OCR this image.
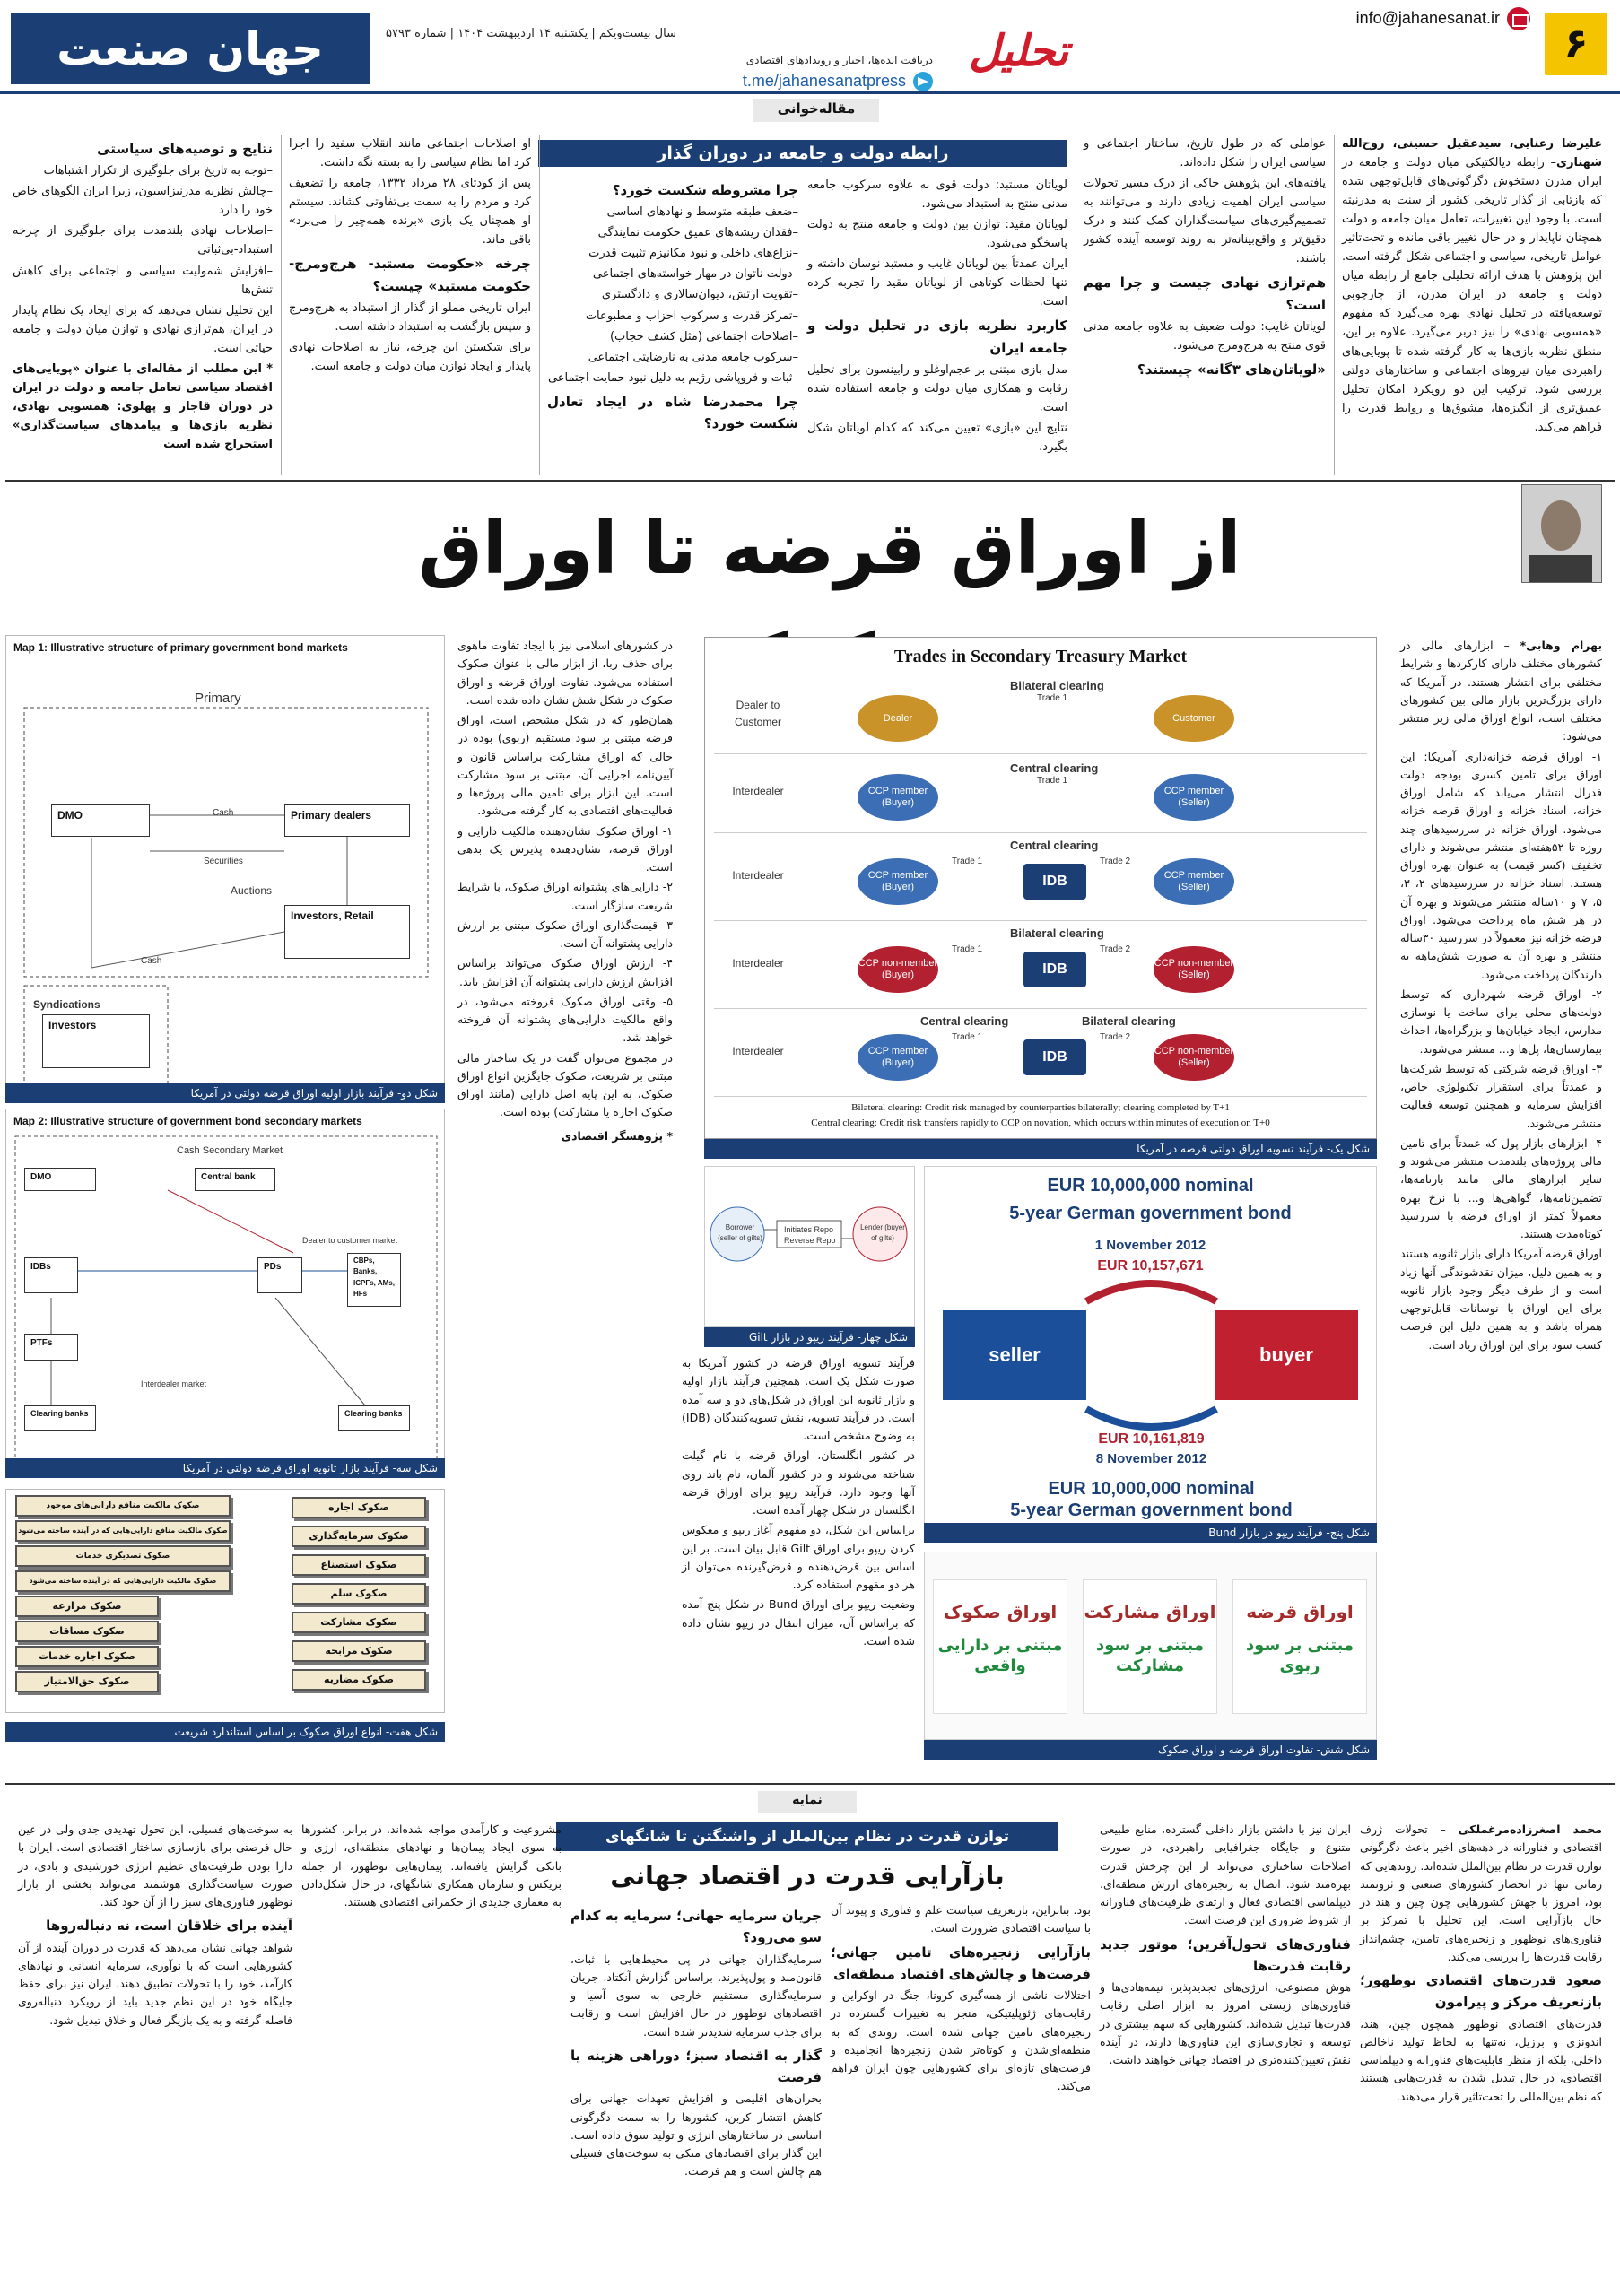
۶
info@jahanesanat.ir
تحلیل
دریافت ایده‌ها، اخبار و رویدادهای اقتصادی
t.me/jahanesanatpress
جهان صنعت	سال بیست‌ویکم | یکشنبه ۱۴ اردیبهشت ۱۴۰۴ | شماره ۵۷۹۳
مقاله‌خوانی

علیرضا رعنایی، سیدعقیل حسینی، روح‌الله شهنازی– رابطه دیالکتیکی میان دولت و جامعه در ایران مدرن دستخوش دگرگونی‌های قابل‌توجهی شده که بازتابی از گذار تاریخی کشور از سنت به مدرنیته است. با وجود این تغییرات، تعامل میان جامعه و دولت همچنان ناپایدار و در حال تغییر باقی مانده و تحت‌تاثیر عوامل تاریخی، سیاسی و اجتماعی شکل گرفته است. این پژوهش با هدف ارائه تحلیلی جامع از رابطه میان دولت و جامعه در ایران مدرن، از چارچوبی توسعه‌یافته در تحلیل نهادی بهره می‌گیرد که مفهوم «همسویی نهادی» را نیز دربر می‌گیرد. علاوه بر این، منطق نظریه بازی‌ها به کار گرفته شده تا پویایی‌های راهبردی میان نیروهای اجتماعی و ساختارهای دولتی بررسی شود. ترکیب این دو رویکرد امکان تحلیل عمیق‌تری از انگیزه‌ها، مشوق‌ها و روابط قدرت را فراهم می‌کند.

عواملی که در طول تاریخ، ساختار اجتماعی و سیاسی ایران را شکل داده‌اند.

یافته‌های این پژوهش حاکی از درک مسیر تحولات سیاسی ایران اهمیت زیادی دارند و می‌توانند به تصمیم‌گیری‌های سیاست‌گذاران کمک کنند و درک دقیق‌تر و واقع‌بینانه‌تر به روند توسعه آینده کشور باشند.

هم‌ترازی نهادی چیست و چرا مهم است؟

لویاتان غایب: دولت ضعیف به علاوه جامعه مدنی قوی منتج به هرج‌ومرج می‌شود.

«لویاتان‌های ۳گانه» چیستند؟

رابطه دولت و جامعه در دوران گذار

لویاتان مستبد: دولت قوی به علاوه سرکوب جامعه مدنی منتج به استبداد می‌شود.

لویاتان مقید: توازن بین دولت و جامعه منتج به دولت پاسخگو می‌شود.

ایران عمدتاً بین لویاتان غایب و مستبد نوسان داشته و تنها لحظات کوتاهی از لویاتان مقید را تجربه کرده است.

کاربرد نظریه بازی در تحلیل دولت و جامعه ایران

مدل بازی مبتنی بر عجم‌اوغلو و رابینسون برای تحلیل رقابت و همکاری میان دولت و جامعه استفاده شده است.

نتایج این «بازی» تعیین می‌کند که کدام لویاتان شکل بگیرد.

چرا مشروطه شکست خورد؟

–ضعف طبقه متوسط و نهادهای اساسی

–فقدان ریشه‌های عمیق حکومت نمایندگی

–نزاع‌های داخلی و نبود مکانیزم تثبیت قدرت

–دولت ناتوان در مهار خواسته‌های اجتماعی

–تقویت ارتش، دیوان‌سالاری و دادگستری

–تمرکز قدرت و سرکوب احزاب و مطبوعات

–اصلاحات اجتماعی (مثل کشف حجاب)

–سرکوب جامعه مدنی به نارضایتی اجتماعی

–ثبات و فروپاشی رژیم به دلیل نبود حمایت اجتماعی

چرا محمدرضا شاه در ایجاد تعادل شکست خورد؟

او اصلاحات اجتماعی مانند انقلاب سفید را اجرا کرد اما نظام سیاسی را به بسته نگه داشت.

پس از کودتای ۲۸ مرداد ۱۳۳۲، جامعه را تضعیف کرد و مردم را به سمت بی‌تفاوتی کشاند. سیستم او همچنان یک بازی «برنده همه‌چیز را می‌برد» باقی ماند.

چرخه «حکومت مستبد- هرج‌ومرج- حکومت مستبد» چیست؟

ایران تاریخی مملو از گذار از استبداد به هرج‌ومرج و سپس بازگشت به استبداد داشته است.

برای شکستن این چرخه، نیاز به اصلاحات نهادی پایدار و ایجاد توازن میان دولت و جامعه است.

نتایج و توصیه‌های سیاستی

–توجه به تاریخ برای جلوگیری از تکرار اشتباهات

–چالش نظریه مدرنیزاسیون، زیرا ایران الگوهای خاص خود را دارد

–اصلاحات نهادی بلندمدت برای جلوگیری از چرخه استبداد-بی‌ثباتی

–افزایش شمولیت سیاسی و اجتماعی برای کاهش تنش‌ها

این تحلیل نشان می‌دهد که برای ایجاد یک نظام پایدار در ایران، هم‌ترازی نهادی و توازن میان دولت و جامعه حیاتی است.

* این مطلب از مقاله‌ای با عنوان «پویایی‌های اقتصاد سیاسی تعامل جامعه و دولت در ایران در دوران قاجار و پهلوی: همسویی نهادی، نظریه بازی‌ها و پیامدهای سیاست‌گذاری» استخراج شده است

از اوراق قرضه تا اوراق

بهرام وهابی* – ابزارهای مالی در کشورهای مختلف دارای کارکردها و شرایط مختلفی برای انتشار هستند. در آمریکا که دارای بزرگ‌ترین بازار مالی بین کشورهای مختلف است، انواع اوراق مالی زیر منتشر می‌شود:

۱- اوراق قرضه خزانه‌داری آمریکا: این اوراق برای تامین کسری بودجه دولت فدرال انتشار می‌یابد که شامل اوراق خزانه، اسناد خزانه و اوراق قرضه خزانه می‌شود. اوراق خزانه در سررسیدهای چند روزه تا ۵۲هفته‌ای منتشر می‌شوند و دارای تخفیف (کسر قیمت) به عنوان بهره اوراق هستند. اسناد خزانه در سررسیدهای ۲، ۳، ۵، ۷ و ۱۰ساله منتشر می‌شوند و بهره آن در هر شش ماه پرداخت می‌شود. اوراق قرضه خزانه نیز معمولاً در سررسید ۳۰ساله منتشر و بهره آن به صورت شش‌ماهه به دارندگان پرداخت می‌شود.

۲- اوراق قرضه شهرداری که توسط دولت‌های محلی برای ساخت یا نوسازی مدارس، ایجاد خیابان‌ها و بزرگراه‌ها، احداث بیمارستان‌ها، پل‌ها و... منتشر می‌شوند.

۳- اوراق قرضه شرکتی که توسط شرکت‌ها و عمدتاً برای استقرار تکنولوژی خاص، افزایش سرمایه و همچنین توسعه فعالیت منتشر می‌شوند.

۴- ابزارهای بازار پول که عمدتاً برای تامین مالی پروژه‌های بلندمدت منتشر می‌شوند و سایر ابزارهای مالی مانند بازنامه‌ها، تضمین‌نامه‌ها، گواهی‌ها و... با نرخ بهره معمولاً کمتر از اوراق قرضه با سررسید کوتاه‌مدت هستند.

اوراق قرضه آمریکا دارای بازار ثانویه هستند و به همین دلیل، میزان نقدشوندگی آنها زیاد است و از طرف دیگر وجود بازار ثانویه برای این اوراق با نوسانات قابل‌توجهی همراه باشد و به همین دلیل این فرصت کسب سود برای این اوراق زیاد است.

Trades in Secondary Treasury Market
Dealer to Customer
Bilateral clearing
Trade 1
Dealer	Customer
Interdealer
Central clearing
Trade 1
CCP member (Buyer)
CCP member (Seller)
Interdealer
Central clearing
Trade 1	Trade 2
CCP member (Buyer)	IDB	CCP member (Seller)
Interdealer
Bilateral clearing
Trade 1	Trade 2
CCP non-member (Buyer)	IDB	CCP non-member (Seller)
Interdealer
Central clearing	Bilateral clearing
Trade 1	Trade 2
CCP member (Buyer)	IDB	CCP non-member (Seller)
Bilateral clearing: Credit risk managed by counterparties bilaterally; clearing completed by T+1
Central clearing: Credit risk transfers rapidly to CCP on novation, which occurs within minutes of execution on T+0
شکل یک- فرآیند تسویه اوراق دولتی قرضه در آمریکا

در کشورهای اسلامی نیز با ایجاد تفاوت ماهوی برای حذف ربا، از ابزار مالی با عنوان صکوک استفاده می‌شود. تفاوت اوراق قرضه و اوراق صکوک در شکل شش نشان داده شده است.

همان‌طور که در شکل مشخص است، اوراق قرضه مبتنی بر سود مستقیم (ربوی) بوده در حالی که اوراق مشارکت براساس قانون و آیین‌نامه اجرایی آن، مبتنی بر سود مشارکت است. این ابزار برای تامین مالی پروژه‌ها و فعالیت‌های اقتصادی به کار گرفته می‌شود.

۱- اوراق صکوک نشان‌دهنده مالکیت دارایی و اوراق قرضه، نشان‌دهنده پذیرش یک بدهی است.

۲- دارایی‌های پشتوانه اوراق صکوک، با شرایط شریعت سازگار است.

۳- قیمت‌گذاری اوراق صکوک مبتنی بر ارزش دارایی پشتوانه آن است.

۴- ارزش اوراق صکوک می‌تواند براساس افزایش ارزش دارایی پشتوانه آن افزایش یابد.

۵- وقتی اوراق صکوک فروخته می‌شود، در واقع مالکیت دارایی‌های پشتوانه آن فروخته خواهد شد.

در مجموع می‌توان گفت در یک ساختار مالی مبتنی بر شریعت، صکوک جایگزین انواع اوراق صکوک، به این پایه اصل دارایی (مانند اوراق صکوک اجاره یا مشارکت) بوده است.

* پژوهشگر اقتصادی

Borrower (seller of gilts)
Lender (buyer of gilts)
Initiates Repo
Reverse Repo
شکل چهار- فرآیند ریپو در بازار Gilt

فرآیند تسویه اوراق قرضه در کشور آمریکا به صورت شکل یک است. همچنین فرآیند بازار اولیه و بازار ثانویه این اوراق در شکل‌های دو و سه آمده است. در فرآیند تسویه، نقش تسویه‌کنندگان (IDB) به وضوح مشخص است.

در کشور انگلستان، اوراق قرضه با نام گیلت شناخته می‌شوند و در کشور آلمان، نام باند روی آنها وجود دارد. فرآیند ریپو برای اوراق قرضه انگلستان در شکل چهار آمده است.

براساس این شکل، دو مفهوم آغاز ریپو و معکوس کردن ریپو برای اوراق Gilt قابل بیان است. بر این اساس بین قرض‌دهنده و قرض‌گیرنده می‌توان از هر دو مفهوم استفاده کرد.

وضعیت ریپو برای اوراق Bund در شکل پنج آمده که براساس آن، میزان انتقال در ریپو نشان داده شده است.

EUR 10,000,000 nominal
5-year German government bond
1 November 2012
EUR 10,157,671
seller	buyer
EUR 10,161,819
8 November 2012
EUR 10,000,000 nominal
5-year German government bond
شکل پنج- فرآیند ریپو در بازار Bund
اوراق قرضه
مبتنی بر سود ربوی
اوراق مشارکت
مبتنی بر سود مشارکت
اوراق صکوک
مبتنی بر دارایی واقعی
شکل شش- تفاوت اوراق قرضه و اوراق صکوک
Map 1: Illustrative structure of primary government bond markets
Primary
DMO	Primary dealers
Cash
Securities
Auctions
Investors, Retail
Cash
Syndications
Investors
شکل دو- فرآیند بازار اولیه اوراق قرضه دولتی در آمریکا
Map 2: Illustrative structure of government bond secondary markets
Cash Secondary Market
DMO	Central bank
IDBs	PDs
CBPs, Banks, ICPFs, AMs, HFs
Dealer to customer market
PTFs
Interdealer market
Clearing banks	Clearing banks
شکل سه- فرآیند بازار ثانویه اوراق قرضه دولتی در آمریکا
صکوک اجاره
صکوک سرمایه‌گذاری
صکوک استصناع
صکوک سلم
صکوک مشارکت
صکوک مرابحه
صکوک مضاربه
صکوک مالکیت منافع دارایی‌های موجود
صکوک مالکیت منافع دارایی‌هایی که در آینده ساخته می‌شود
صکوک تصدیگری خدمات
صکوک مالکیت دارایی‌هایی که در آینده ساخته می‌شود
صکوک مزارعه
صکوک مساقات
صکوک اجاره خدمات
صکوک حق‌الامتیاز
شکل هفت- انواع اوراق صکوک بر اساس استاندارد شریعت
نمایه
توازن قدرت در نظام بین‌الملل از واشنگتن تا شانگهای
بازآرایی قدرت در اقتصاد جهانی

محمد اصغرزاده‌مرغملکی – تحولات ژرف اقتصادی و فناورانه در دهه‌های اخیر باعث دگرگونی توازن قدرت در نظام بین‌الملل شده‌اند. روندهایی که زمانی تنها در انحصار کشورهای صنعتی و ثروتمند بود، امروز با جهش کشورهایی چون چین و هند در حال بازآرایی است. این تحلیل با تمرکز بر فناوری‌های نوظهور و زنجیره‌های تامین، چشم‌انداز رقابت قدرت‌ها را بررسی می‌کند.

صعود قدرت‌های اقتصادی نوظهور؛ بازتعریف مرکز و پیرامون

قدرت‌های اقتصادی نوظهور همچون چین، هند، اندونزی و برزیل، نه‌تنها به لحاظ تولید ناخالص داخلی، بلکه از منظر قابلیت‌های فناورانه و دیپلماسی اقتصادی، در حال تبدیل شدن به قدرت‌هایی هستند که نظم بین‌المللی را تحت‌تاثیر قرار می‌دهند.

ایران نیز با داشتن بازار داخلی گسترده، منابع طبیعی متنوع و جایگاه جغرافیایی راهبردی، در صورت اصلاحات ساختاری می‌تواند از این چرخش قدرت بهره‌مند شود. اتصال به زنجیره‌های ارزش منطقه‌ای، دیپلماسی اقتصادی فعال و ارتقای ظرفیت‌های فناورانه از شروط ضروری این فرصت است.

فناوری‌های تحول‌آفرین؛ موتور جدید رقابت قدرت‌ها

هوش مصنوعی، انرژی‌های تجدیدپذیر، نیمه‌هادی‌ها و فناوری‌های زیستی امروز به ابزار اصلی رقابت قدرت‌ها تبدیل شده‌اند. کشورهایی که سهم بیشتری در توسعه و تجاری‌سازی این فناوری‌ها دارند، در آینده نقش تعیین‌کننده‌تری در اقتصاد جهانی خواهند داشت.

بود. بنابراین، بازتعریف سیاست علم و فناوری و پیوند آن با سیاست اقتصادی ضرورت است.

بازآرایی زنجیره‌های تامین جهانی؛ فرصت‌ها و چالش‌های اقتصاد منطقه‌ای

اختلالات ناشی از همه‌گیری کرونا، جنگ در اوکراین و رقابت‌های ژئوپلیتیکی، منجر به تغییرات گسترده در زنجیره‌های تامین جهانی شده است. روندی که به منطقه‌ای‌شدن و کوتاه‌تر شدن زنجیره‌ها انجامیده و فرصت‌های تازه‌ای برای کشورهایی چون ایران فراهم می‌کند.

جریان سرمایه جهانی؛ سرمایه به کدام سو می‌رود؟

سرمایه‌گذاران جهانی در پی محیط‌هایی با ثبات، قانون‌مند و پول‌پذیرند. براساس گزارش آنکتاد، جریان سرمایه‌گذاری مستقیم خارجی به سوی آسیا و اقتصادهای نوظهور در حال افزایش است و رقابت برای جذب سرمایه شدیدتر شده است.

گذار به اقتصاد سبز؛ دوراهی هزینه یا فرصت

بحران‌های اقلیمی و افزایش تعهدات جهانی برای کاهش انتشار کربن، کشورها را به سمت دگرگونی اساسی در ساختارهای انرژی و تولید سوق داده است. این گذار برای اقتصادهای متکی به سوخت‌های فسیلی هم چالش است و هم فرصت.

مشروعیت و کارآمدی مواجه شده‌اند. در برابر، کشورها به سوی ایجاد پیمان‌ها و نهادهای منطقه‌ای، ارزی و بانکی گرایش یافته‌اند. پیمان‌هایی نوظهور، از جمله بریکس و سازمان همکاری شانگهای، در حال شکل‌دادن به معماری جدیدی از حکمرانی اقتصادی هستند.

به سوخت‌های فسیلی، این تحول تهدیدی جدی ولی در عین حال فرصتی برای بازسازی ساختار اقتصادی است. ایران با دارا بودن ظرفیت‌های عظیم انرژی خورشیدی و بادی، در صورت سیاست‌گذاری هوشمند می‌تواند بخشی از بازار نوظهور فناوری‌های سبز را از آن خود کند.

آینده برای خلاقان است، نه دنباله‌روها

شواهد جهانی نشان می‌دهد که قدرت در دوران آینده از آن کشورهایی است که با نوآوری، سرمایه انسانی و نهادهای کارآمد، خود را با تحولات تطبیق دهند. ایران نیز برای حفظ جایگاه خود در این نظم جدید باید از رویکرد دنباله‌روی فاصله گرفته و به یک بازیگر فعال و خلاق تبدیل شود.
